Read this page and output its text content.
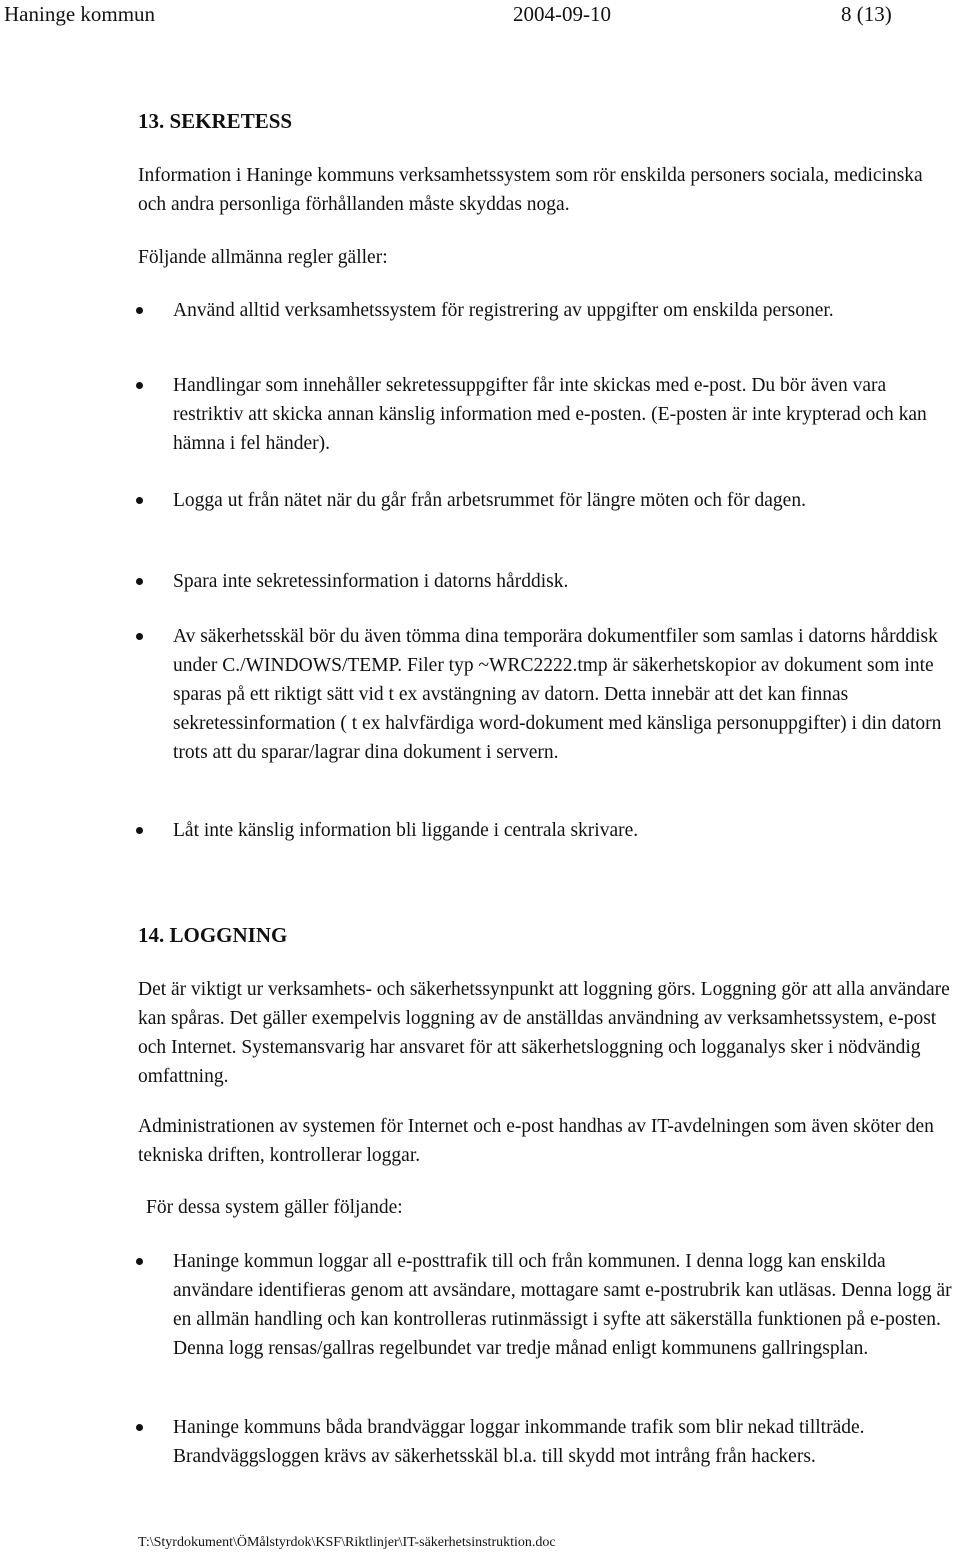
Haninge kommun	2004-09-10	8 (13)
13. SEKRETESS

Information i Haninge kommuns verksamhetssystem som rör enskilda personers sociala, medicinska och andra personliga förhållanden måste skyddas noga.

Följande allmänna regler gäller:

Använd alltid verksamhetssystem för registrering av uppgifter om enskilda personer.

Handlingar som innehåller sekretessuppgifter får inte skickas med e-post. Du bör även vara restriktiv att skicka annan känslig information med e-posten. (E-posten är inte krypterad och kan hämna i fel händer).

Logga ut från nätet när du går från arbetsrummet för längre möten och för dagen.

Spara inte sekretessinformation i datorns hårddisk.

Av säkerhetsskäl bör du även tömma dina temporära dokumentfiler som samlas i datorns hårddisk under C./WINDOWS/TEMP. Filer typ ~WRC2222.tmp är säkerhetskopior av dokument som inte sparas på ett riktigt sätt vid t ex avstängning av datorn. Detta innebär att det kan finnas sekretessinformation ( t ex halvfärdiga word-dokument med känsliga personuppgifter) i din datorn trots att du sparar/lagrar dina dokument i servern.

Låt inte känslig information bli liggande i centrala skrivare.

14. LOGGNING

Det är viktigt ur verksamhets- och säkerhetssynpunkt att loggning görs. Loggning gör att alla användare kan spåras. Det gäller exempelvis loggning av de anställdas användning av verksamhetssystem, e-post och Internet. Systemansvarig har ansvaret för att säkerhetsloggning och logganalys sker i nödvändig omfattning.

Administrationen av systemen för Internet och e-post handhas av IT-avdelningen som även sköter den tekniska driften, kontrollerar loggar.

För dessa system gäller följande:

Haninge kommun loggar all e-posttrafik till och från kommunen. I denna logg kan enskilda användare identifieras genom att avsändare, mottagare samt e-postrubrik kan utläsas. Denna logg är en allmän handling och kan kontrolleras rutinmässigt i syfte att säkerställa funktionen på e-posten. Denna logg rensas/gallras regelbundet var tredje månad enligt kommunens gallringsplan.

Haninge kommuns båda brandväggar loggar inkommande trafik som blir nekad tillträde. Brandväggsloggen krävs av säkerhetsskäl bl.a. till skydd mot intrång från hackers.

T:\Styrdokument\ÖMålstyrdok\KSF\Riktlinjer\IT-säkerhetsinstruktion.doc
